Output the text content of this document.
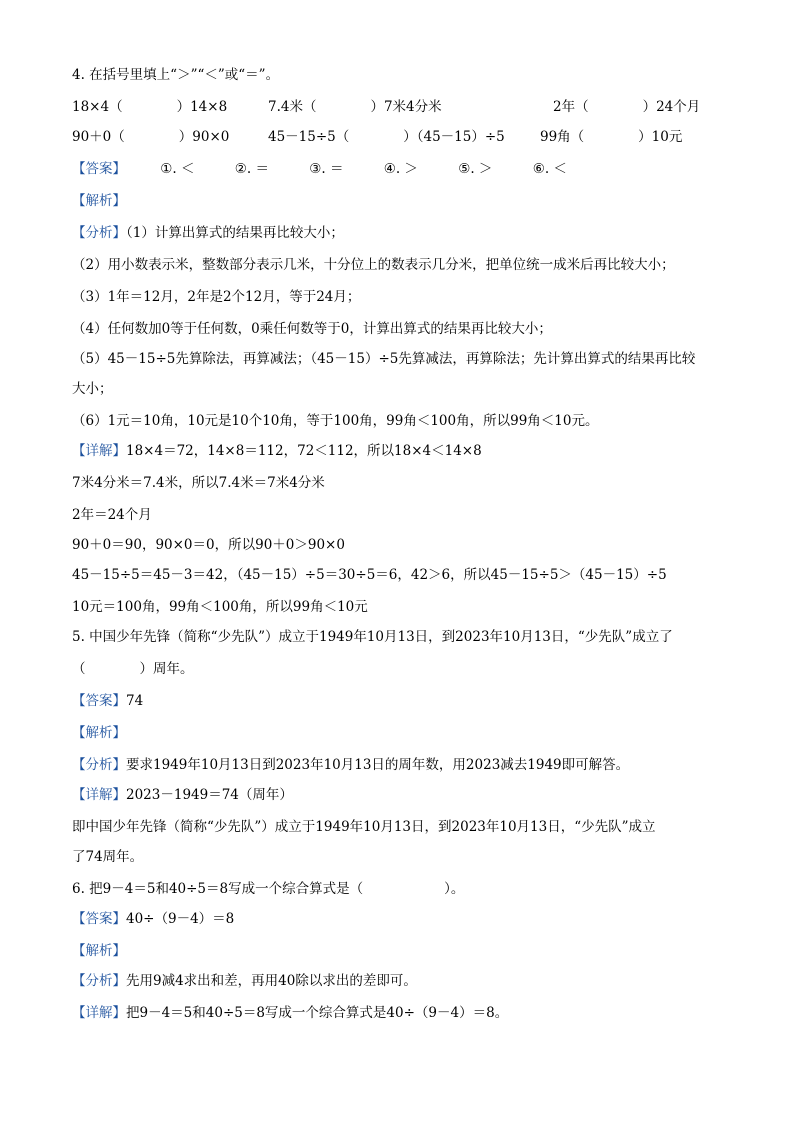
4. 在括号里填上“＞”“＜”或“＝”。
18×4（　　　　）14×8	7.4米（　　　　）7米4分米	2年（　　　　）24个月
90＋0（　　　　）90×0	45－15÷5（　　　　）（45－15）÷5	99角（　　　　）10元
【答案】	①. ＜	②. ＝	③. ＝	④. ＞	⑤. ＞	⑥. ＜
【解析】
【分析】（1）计算出算式的结果再比较大小；
（2）用小数表示米，整数部分表示几米，十分位上的数表示几分米，把单位统一成米后再比较大小；
（3）1年＝12月，2年是2个12月，等于24月；
（4）任何数加0等于任何数，0乘任何数等于0，计算出算式的结果再比较大小；
（5）45－15÷5先算除法，再算减法；（45－15）÷5先算减法，再算除法；先计算出算式的结果再比较
大小；
（6）1元＝10角，10元是10个10角，等于100角，99角＜100角，所以99角＜10元。
【详解】18×4＝72，14×8＝112，72＜112，所以18×4＜14×8
7米4分米＝7.4米，所以7.4米＝7米4分米
2年＝24个月
90＋0＝90，90×0＝0，所以90＋0＞90×0
45－15÷5＝45－3＝42，（45－15）÷5＝30÷5＝6，42＞6，所以45－15÷5＞（45－15）÷5
10元＝100角，99角＜100角，所以99角＜10元
5. 中国少年先锋（简称“少先队”）成立于1949年10月13日，到2023年10月13日，“少先队”成立了
（　　　　）周年。
【答案】74
【解析】
【分析】要求1949年10月13日到2023年10月13日的周年数，用2023减去1949即可解答。
【详解】2023－1949＝74（周年）
即中国少年先锋（简称“少先队”）成立于1949年10月13日，到2023年10月13日，“少先队”成立
了74周年。
6. 把9－4＝5和40÷5＝8写成一个综合算式是（　　　　　　）。
【答案】40÷（9－4）＝8
【解析】
【分析】先用9减4求出和差，再用40除以求出的差即可。
【详解】把9－4＝5和40÷5＝8写成一个综合算式是40÷（9－4）＝8。
